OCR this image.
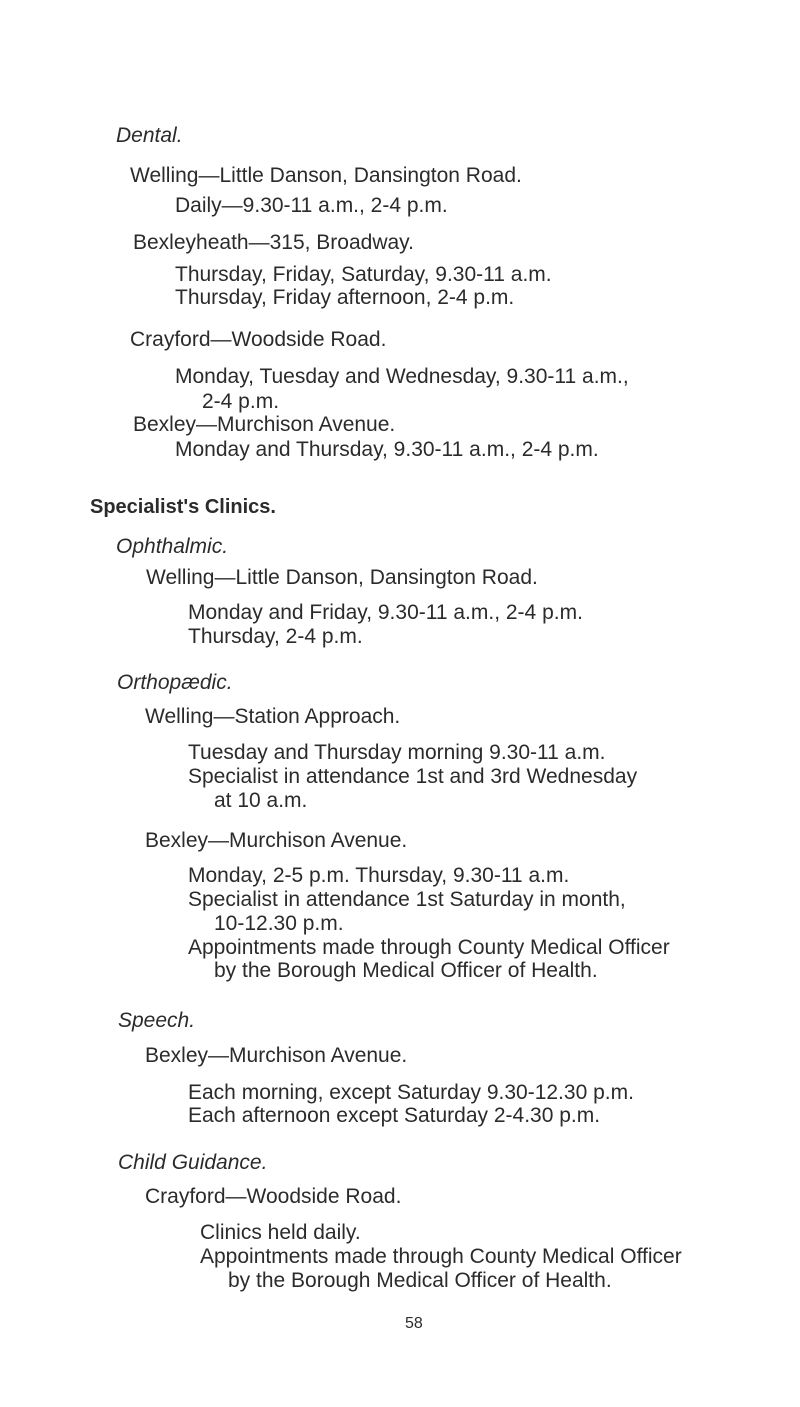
Dental.
Welling—Little Danson, Dansington Road.
Daily—9.30-11 a.m., 2-4 p.m.
Bexleyheath—315, Broadway.
Thursday, Friday, Saturday, 9.30-11 a.m.
Thursday, Friday afternoon, 2-4 p.m.
Crayford—Woodside Road.
Monday, Tuesday and Wednesday, 9.30-11 a.m.,
2-4 p.m.
Bexley—Murchison Avenue.
Monday and Thursday, 9.30-11 a.m., 2-4 p.m.
Specialist's Clinics.
Ophthalmic.
Welling—Little Danson, Dansington Road.
Monday and Friday, 9.30-11 a.m., 2-4 p.m.
Thursday, 2-4 p.m.
Orthopædic.
Welling—Station Approach.
Tuesday and Thursday morning 9.30-11 a.m.
Specialist in attendance 1st and 3rd Wednesday
at 10 a.m.
Bexley—Murchison Avenue.
Monday, 2-5 p.m. Thursday, 9.30-11 a.m.
Specialist in attendance 1st Saturday in month,
10-12.30 p.m.
Appointments made through County Medical Officer
by the Borough Medical Officer of Health.
Speech.
Bexley—Murchison Avenue.
Each morning, except Saturday 9.30-12.30 p.m.
Each afternoon except Saturday 2-4.30 p.m.
Child Guidance.
Crayford—Woodside Road.
Clinics held daily.
Appointments made through County Medical Officer
by the Borough Medical Officer of Health.
58
